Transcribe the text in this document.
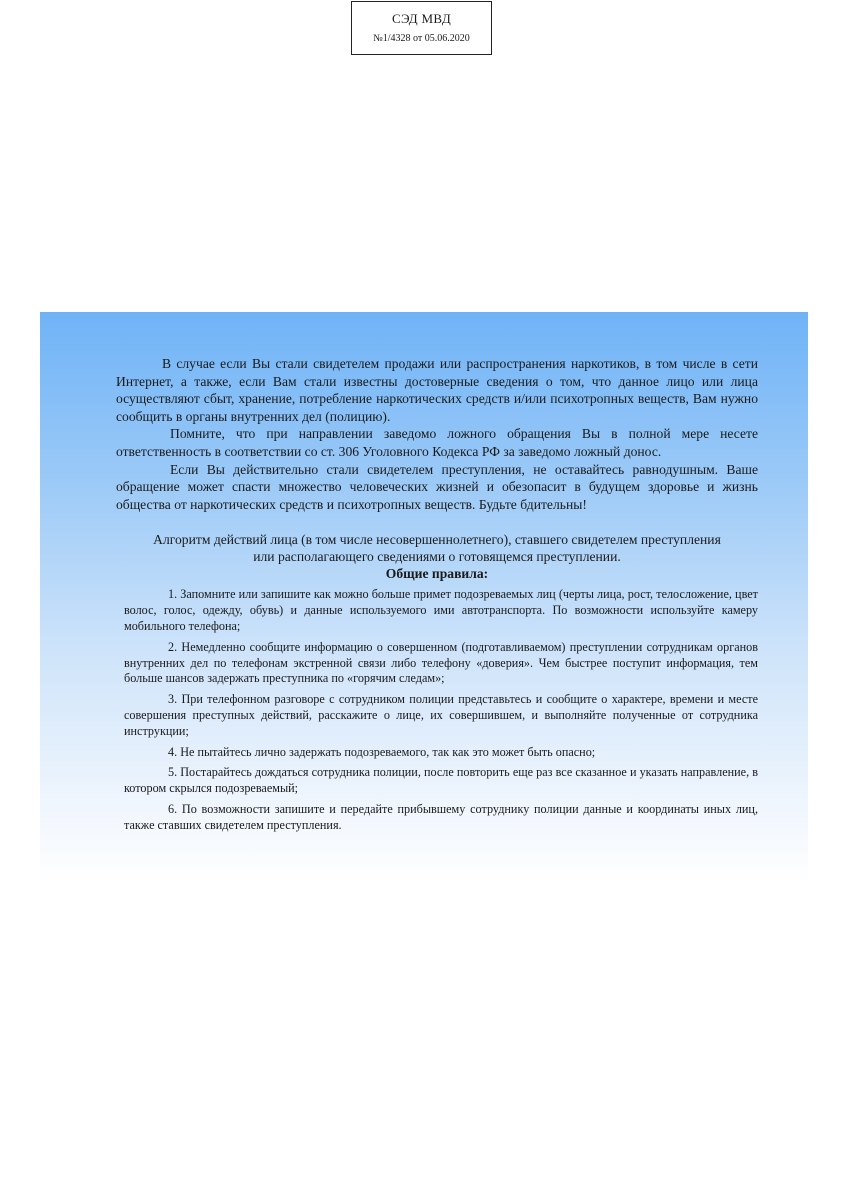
СЭД МВД
№1/4328 от 05.06.2020

В случае если Вы стали свидетелем продажи или распространения наркотиков, в том числе в сети Интернет, а также, если Вам стали известны достоверные сведения о том, что данное лицо или лица осуществляют сбыт, хранение, потребление наркотических средств и/или психотропных веществ, Вам нужно сообщить в органы внутренних дел (полицию).

Помните, что при направлении заведомо ложного обращения Вы в полной мере несете ответственность в соответствии со ст. 306 Уголовного Кодекса РФ за заведомо ложный донос.

Если Вы действительно стали свидетелем преступления, не оставайтесь равнодушным. Ваше обращение может спасти множество человеческих жизней и обезопасит в будущем здоровье и жизнь общества от наркотических средств и психотропных веществ. Будьте бдительны!

Алгоритм действий лица (в том числе несовершеннолетнего), ставшего свидетелем преступления
или располагающего сведениями о готовящемся преступлении.
Общие правила:

1. Запомните или запишите как можно больше примет подозреваемых лиц (черты лица, рост, телосложение, цвет волос, голос, одежду, обувь) и данные используемого ими автотранспорта. По возможности используйте камеру мобильного телефона;

2. Немедленно сообщите информацию о совершенном (подготавливаемом) преступлении сотрудникам органов внутренних дел по телефонам экстренной связи либо телефону «доверия». Чем быстрее поступит информация, тем больше шансов задержать преступника по «горячим следам»;

3. При телефонном разговоре с сотрудником полиции представьтесь и сообщите о характере, времени и месте совершения преступных действий, расскажите о лице, их совершившем, и выполняйте полученные от сотрудника инструкции;

4. Не пытайтесь лично задержать подозреваемого, так как это может быть опасно;

5. Постарайтесь дождаться сотрудника полиции, после повторить еще раз все сказанное и указать направление, в котором скрылся подозреваемый;

6. По возможности запишите и передайте прибывшему сотруднику полиции данные и координаты иных лиц, также ставших свидетелем преступления.
